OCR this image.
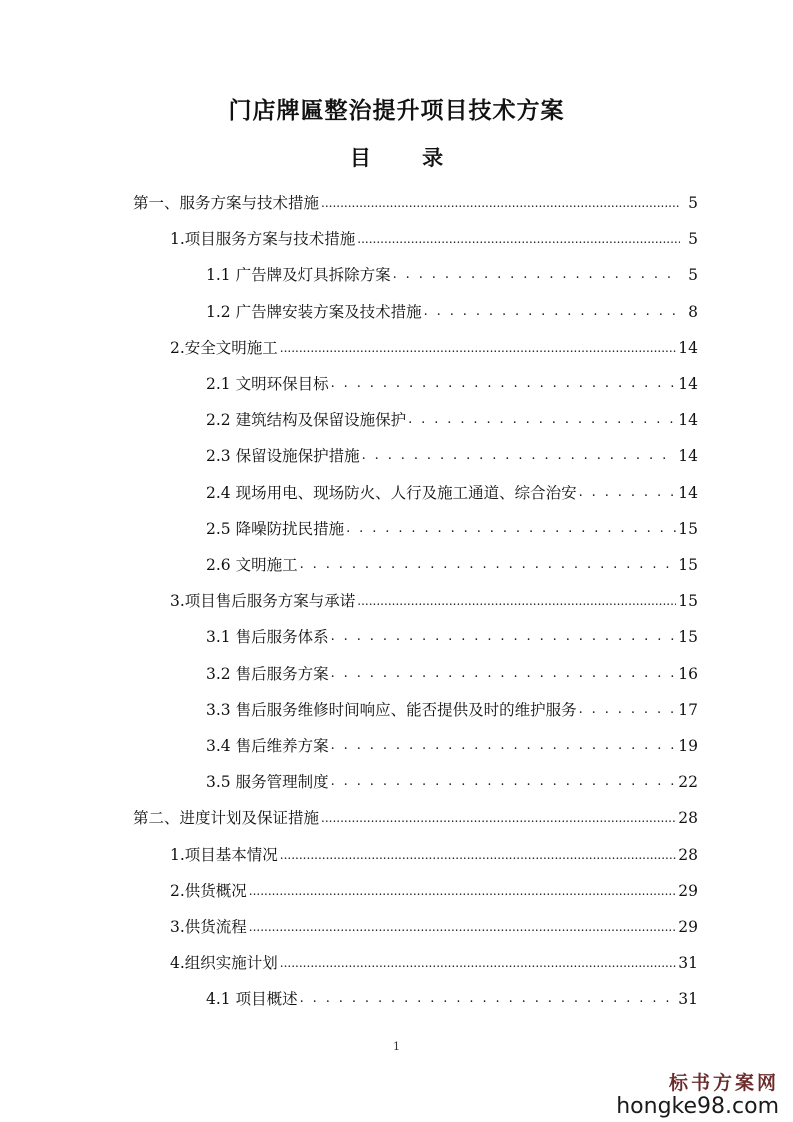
门店牌匾整治提升项目技术方案
目 录
第一、服务方案与技术措施 .....	5
1.项目服务方案与技术措施 .....	5
1.1 广告牌及灯具拆除方案 . . .	5
1.2 广告牌安装方案及技术措施 . . .	8
2.安全文明施工 .....	14
2.1 文明环保目标 . . .	14
2.2 建筑结构及保留设施保护 . . .	14
2.3 保留设施保护措施 . . .	14
2.4 现场用电、现场防火、人行及施工通道、综合治安 . . .	14
2.5 降噪防扰民措施 . . .	15
2.6 文明施工 . . .	15
3.项目售后服务方案与承诺 .....	15
3.1 售后服务体系 . . .	15
3.2 售后服务方案 . . .	16
3.3 售后服务维修时间响应、能否提供及时的维护服务 . . .	17
3.4 售后维养方案 . . .	19
3.5 服务管理制度 . . .	22
第二、进度计划及保证措施 .....	28
1.项目基本情况 .....	28
2.供货概况 .....	29
3.供货流程 .....	29
4.组织实施计划 .....	31
4.1 项目概述 . . .	31
1
标书方案网
hongke98.com
